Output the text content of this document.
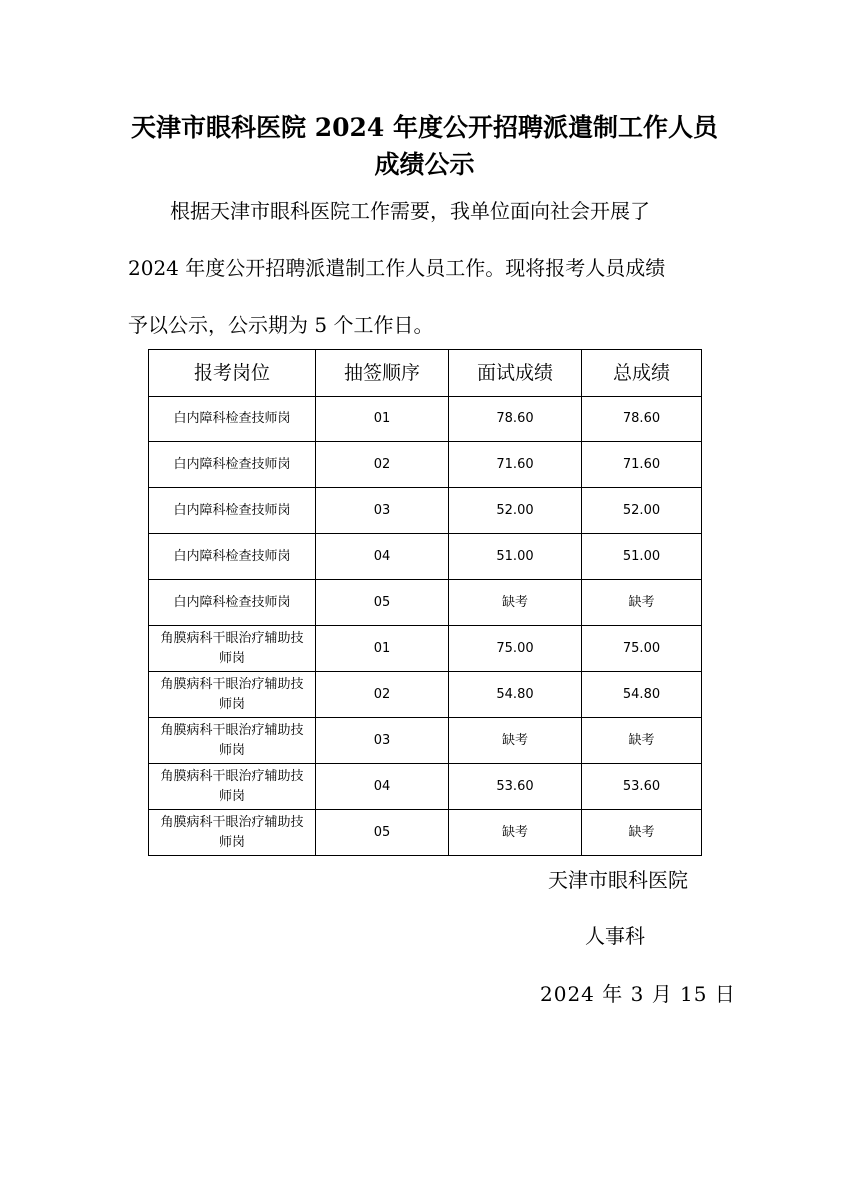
天津市眼科医院 2024 年度公开招聘派遣制工作人员
成绩公示

根据天津市眼科医院工作需要，我单位面向社会开展了

2024 年度公开招聘派遣制工作人员工作。现将报考人员成绩

予以公示，公示期为 5 个工作日。

报考岗位	抽签顺序	面试成绩	总成绩
白内障科检查技师岗	01	78.60	78.60
白内障科检查技师岗	02	71.60	71.60
白内障科检查技师岗	03	52.00	52.00
白内障科检查技师岗	04	51.00	51.00
白内障科检查技师岗	05	缺考	缺考
角膜病科干眼治疗辅助技
师岗	01	75.00	75.00
角膜病科干眼治疗辅助技
师岗	02	54.80	54.80
角膜病科干眼治疗辅助技
师岗	03	缺考	缺考
角膜病科干眼治疗辅助技
师岗	04	53.60	53.60
角膜病科干眼治疗辅助技
师岗	05	缺考	缺考

天津市眼科医院

人事科

2024 年 3 月 15 日
